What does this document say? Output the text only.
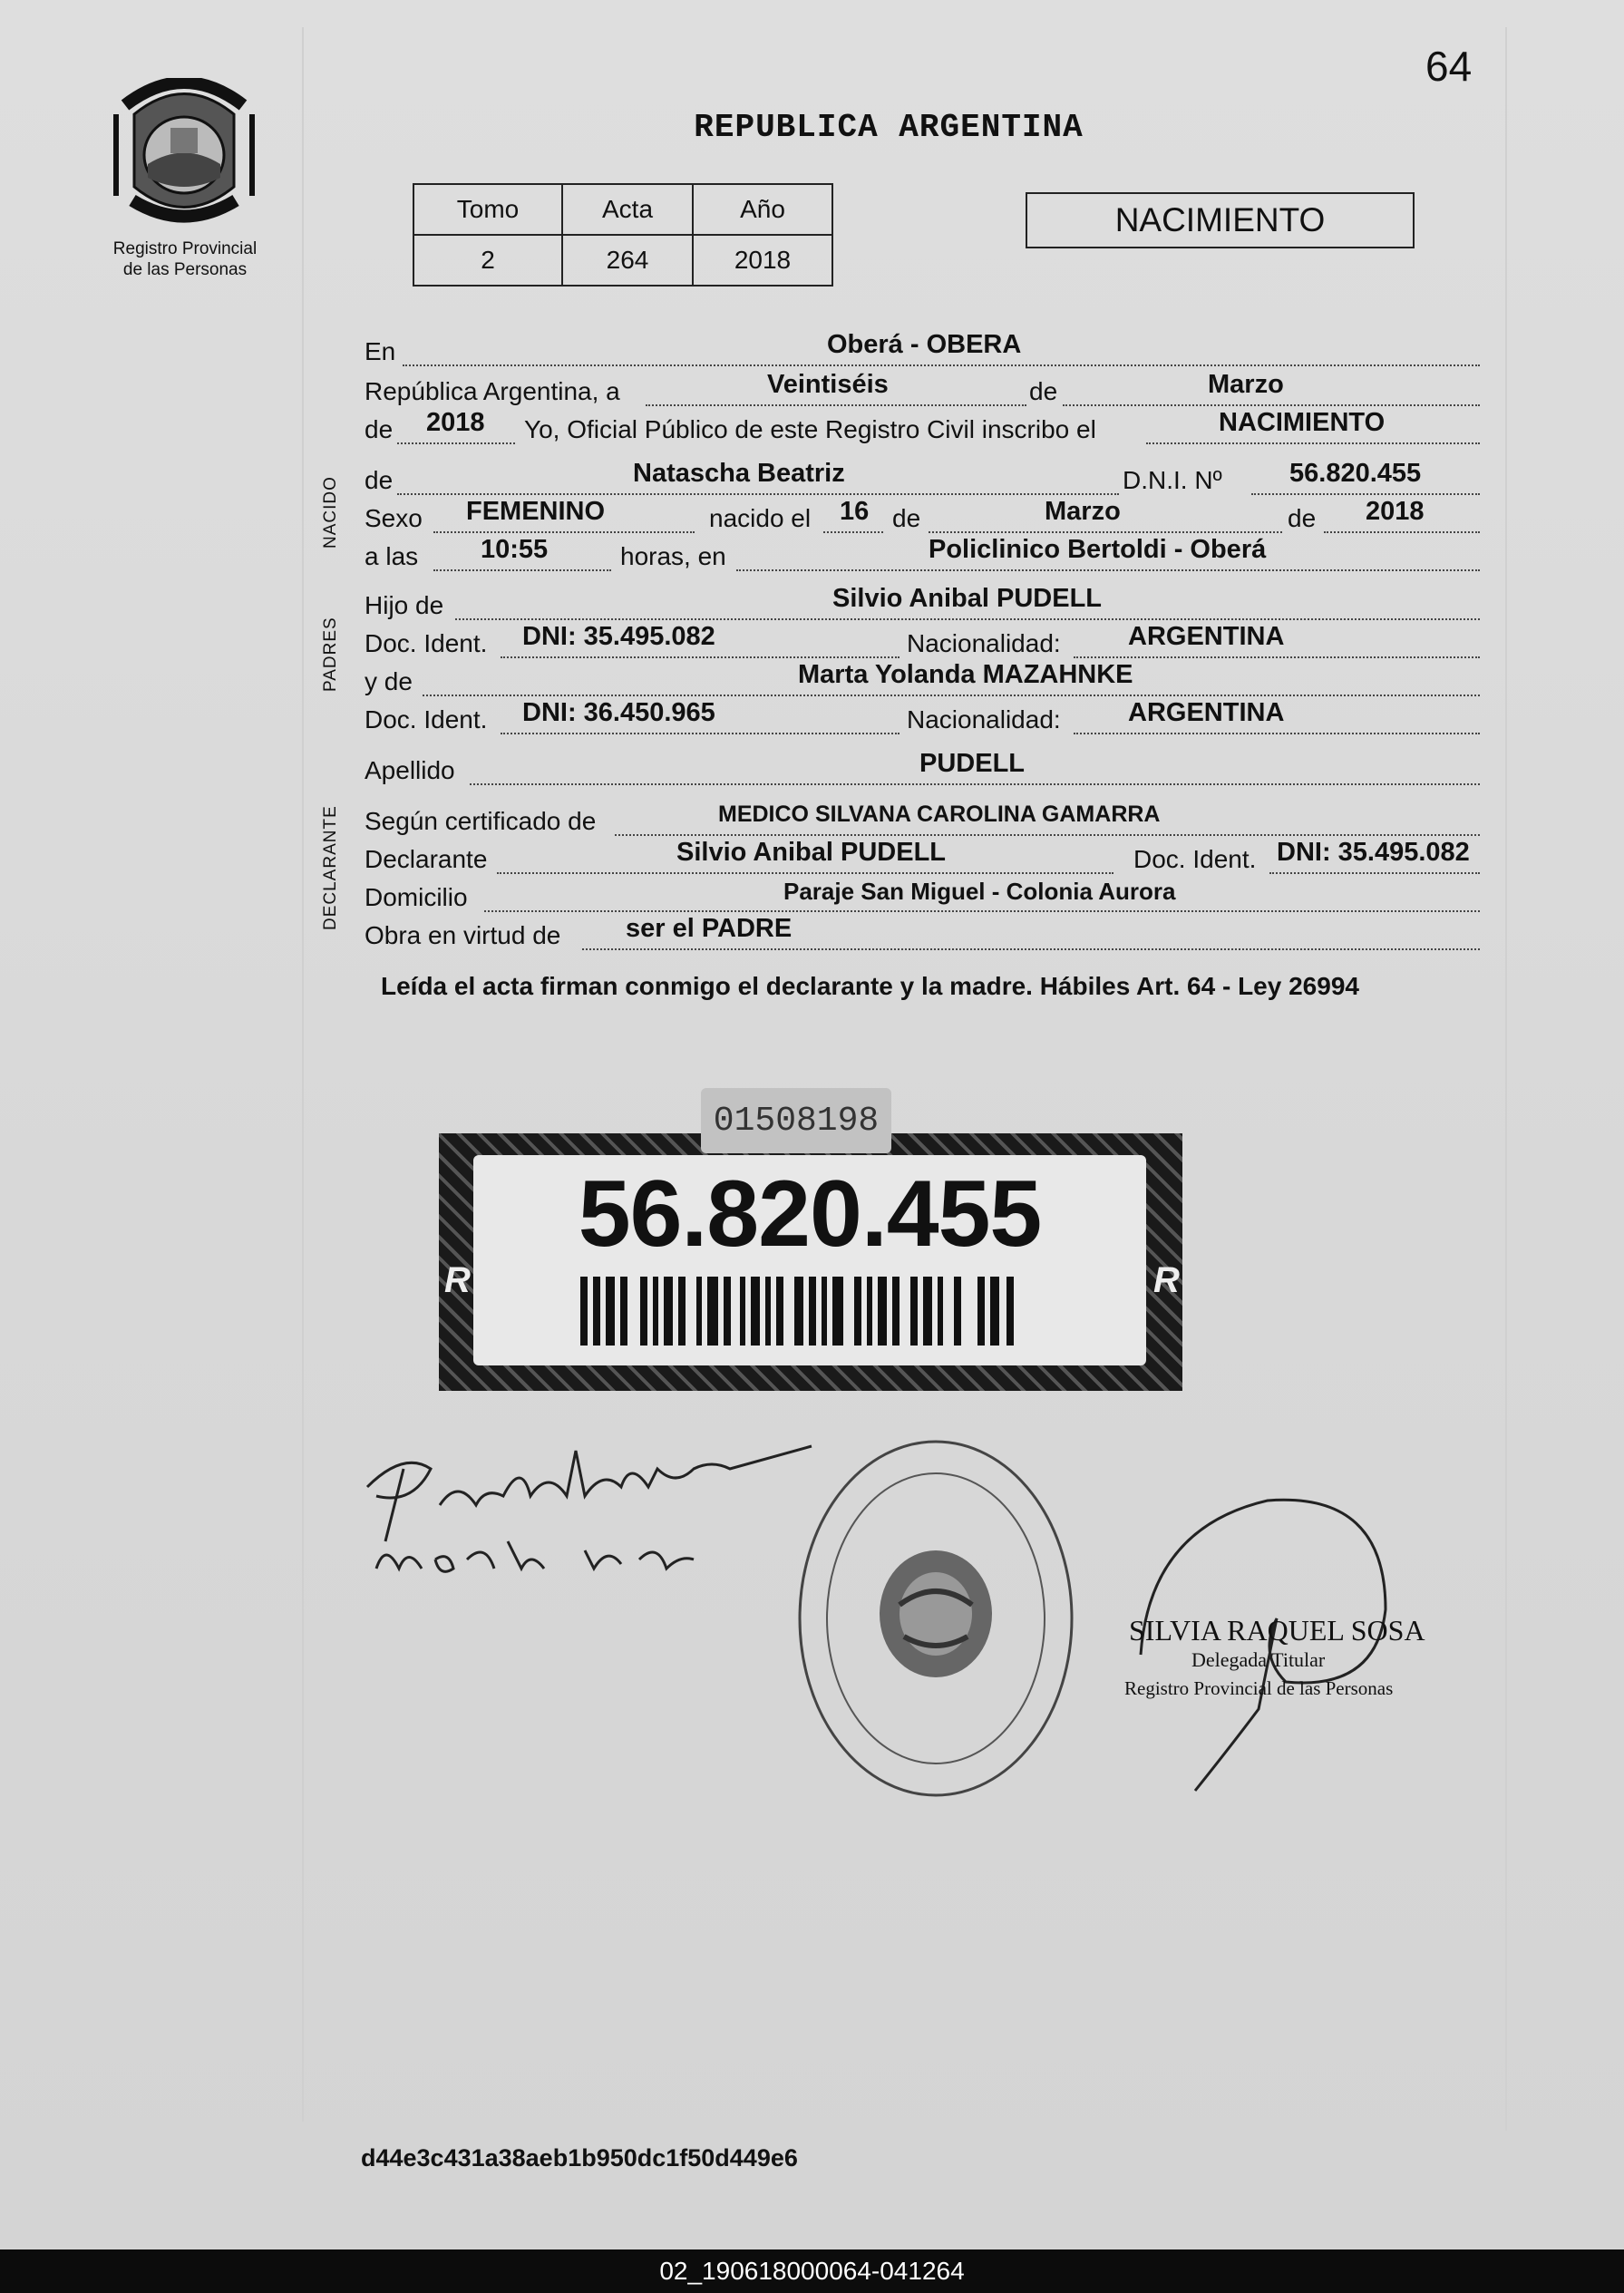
64
Registro Provincial
de las Personas
REPUBLICA ARGENTINA
Tomo	Acta	Año
2	264	2018
NACIMIENTO
NACIDO
PADRES
DECLARANTE
En	Oberá - OBERA
República Argentina, a	Veintiséis	de	Marzo
de 2018 Yo, Oficial Público de este Registro Civil inscribo el	NACIMIENTO
de	Natascha Beatriz	D.N.I. Nº	56.820.455
Sexo FEMENINO	nacido el 16 de	Marzo	de 2018
a las 10:55	horas, en	Policlinico Bertoldi - Oberá
Hijo de	Silvio Anibal PUDELL
Doc. Ident. DNI: 35.495.082	Nacionalidad:	ARGENTINA
y de	Marta Yolanda MAZAHNKE
Doc. Ident. DNI: 36.450.965	Nacionalidad:	ARGENTINA
Apellido	PUDELL
Según certificado de	MEDICO SILVANA CAROLINA GAMARRA
Declarante	Silvio Anibal PUDELL	Doc. Ident. DNI: 35.495.082
Domicilio	Paraje San Miguel - Colonia Aurora
Obra en virtud de ser el PADRE
Leída el acta firman conmigo el declarante y la madre. Hábiles Art. 64 - Ley 26994
01508198
56.820.455
R	R
SILVIA RAQUEL SOSA
Delegada Titular
Registro Provincial de las Personas
d44e3c431a38aeb1b950dc1f50d449e6
02_190618000064-041264
